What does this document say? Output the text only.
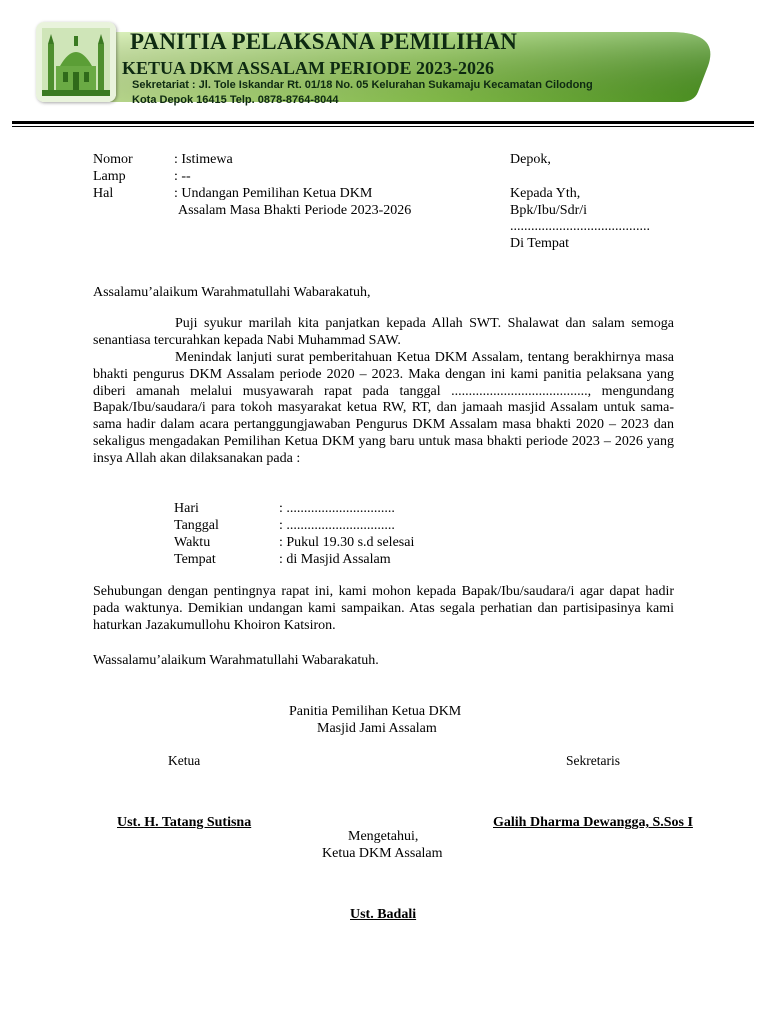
PANITIA PELAKSANA PEMILIHAN
KETUA DKM ASSALAM PERIODE 2023-2026
Sekretariat : Jl. Tole Iskandar Rt. 01/18 No. 05 Kelurahan Sukamaju Kecamatan Cilodong
Kota Depok 16415 Telp. 0878-8764-8044
Nomor	: Istimewa
Lamp	: --
Hal	: Undangan Pemilihan Ketua DKM
Assalam Masa Bhakti Periode 2023-2026
Depok,
Kepada Yth,
Bpk/Ibu/Sdr/i
........................................
Di Tempat
Assalamu’alaikum Warahmatullahi Wabarakatuh,
Puji syukur marilah kita panjatkan kepada Allah SWT. Shalawat dan salam semoga senantiasa tercurahkan kepada Nabi Muhammad SAW.
Menindak lanjuti surat pemberitahuan Ketua DKM Assalam, tentang berakhirnya masa bhakti pengurus DKM Assalam periode 2020 – 2023. Maka dengan ini kami panitia pelaksana yang diberi amanah melalui musyawarah rapat pada tanggal ......................................., mengundang Bapak/Ibu/saudara/i para tokoh masyarakat ketua RW, RT, dan jamaah masjid Assalam untuk sama-sama hadir dalam acara pertanggungjawaban Pengurus DKM Assalam masa bhakti 2020 – 2023 dan sekaligus mengadakan Pemilihan Ketua DKM yang baru untuk masa bhakti periode 2023 – 2026 yang insya Allah akan dilaksanakan pada :
Hari	: ...............................
Tanggal	: ...............................
Waktu	: Pukul 19.30 s.d selesai
Tempat	: di Masjid Assalam
Sehubungan dengan pentingnya rapat ini, kami mohon kepada Bapak/Ibu/saudara/i agar dapat hadir pada waktunya. Demikian undangan kami sampaikan. Atas segala perhatian dan partisipasinya kami haturkan Jazakumullohu Khoiron Katsiron.
Wassalamu’alaikum Warahmatullahi Wabarakatuh.
Panitia Pemilihan Ketua DKM
Masjid Jami Assalam
Ketua	Sekretaris
Ust. H. Tatang Sutisna	Galih Dharma Dewangga, S.Sos I
Mengetahui,
Ketua DKM Assalam
Ust. Badali
